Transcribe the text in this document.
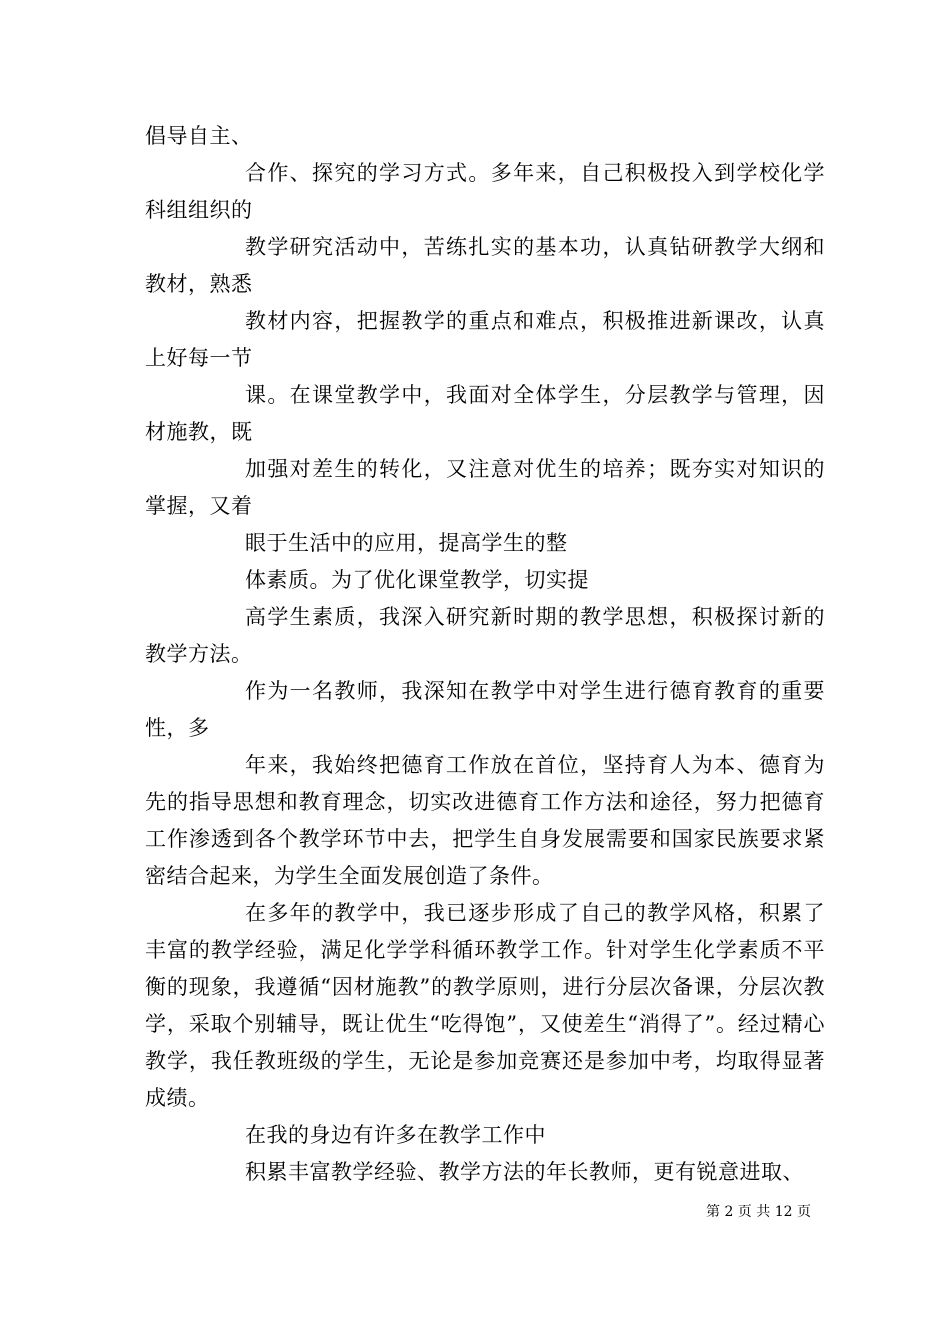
倡导自主、

合作、探究的学习方式。多年来，自己积极投入到学校化学科组组织的

教学研究活动中，苦练扎实的基本功，认真钻研教学大纲和教材，熟悉

教材内容，把握教学的重点和难点，积极推进新课改，认真上好每一节

课。在课堂教学中，我面对全体学生，分层教学与管理，因材施教，既

加强对差生的转化，又注意对优生的培养；既夯实对知识的掌握，又着

眼于生活中的应用，提高学生的整

体素质。为了优化课堂教学，切实提

高学生素质，我深入研究新时期的教学思想，积极探讨新的教学方法。

作为一名教师，我深知在教学中对学生进行德育教育的重要性，多

年来，我始终把德育工作放在首位，坚持育人为本、德育为先的指导思想和教育理念，切实改进德育工作方法和途径，努力把德育工作渗透到各个教学环节中去，把学生自身发展需要和国家民族要求紧密结合起来，为学生全面发展创造了条件。

在多年的教学中，我已逐步形成了自己的教学风格，积累了丰富的教学经验，满足化学学科循环教学工作。针对学生化学素质不平衡的现象，我遵循“因材施教”的教学原则，进行分层次备课，分层次教学，采取个别辅导，既让优生“吃得饱”，又使差生“消得了”。经过精心教学，我任教班级的学生，无论是参加竞赛还是参加中考，均取得显著成绩。

在我的身边有许多在教学工作中

积累丰富教学经验、教学方法的年长教师，更有锐意进取、

第 2 页 共 12 页
